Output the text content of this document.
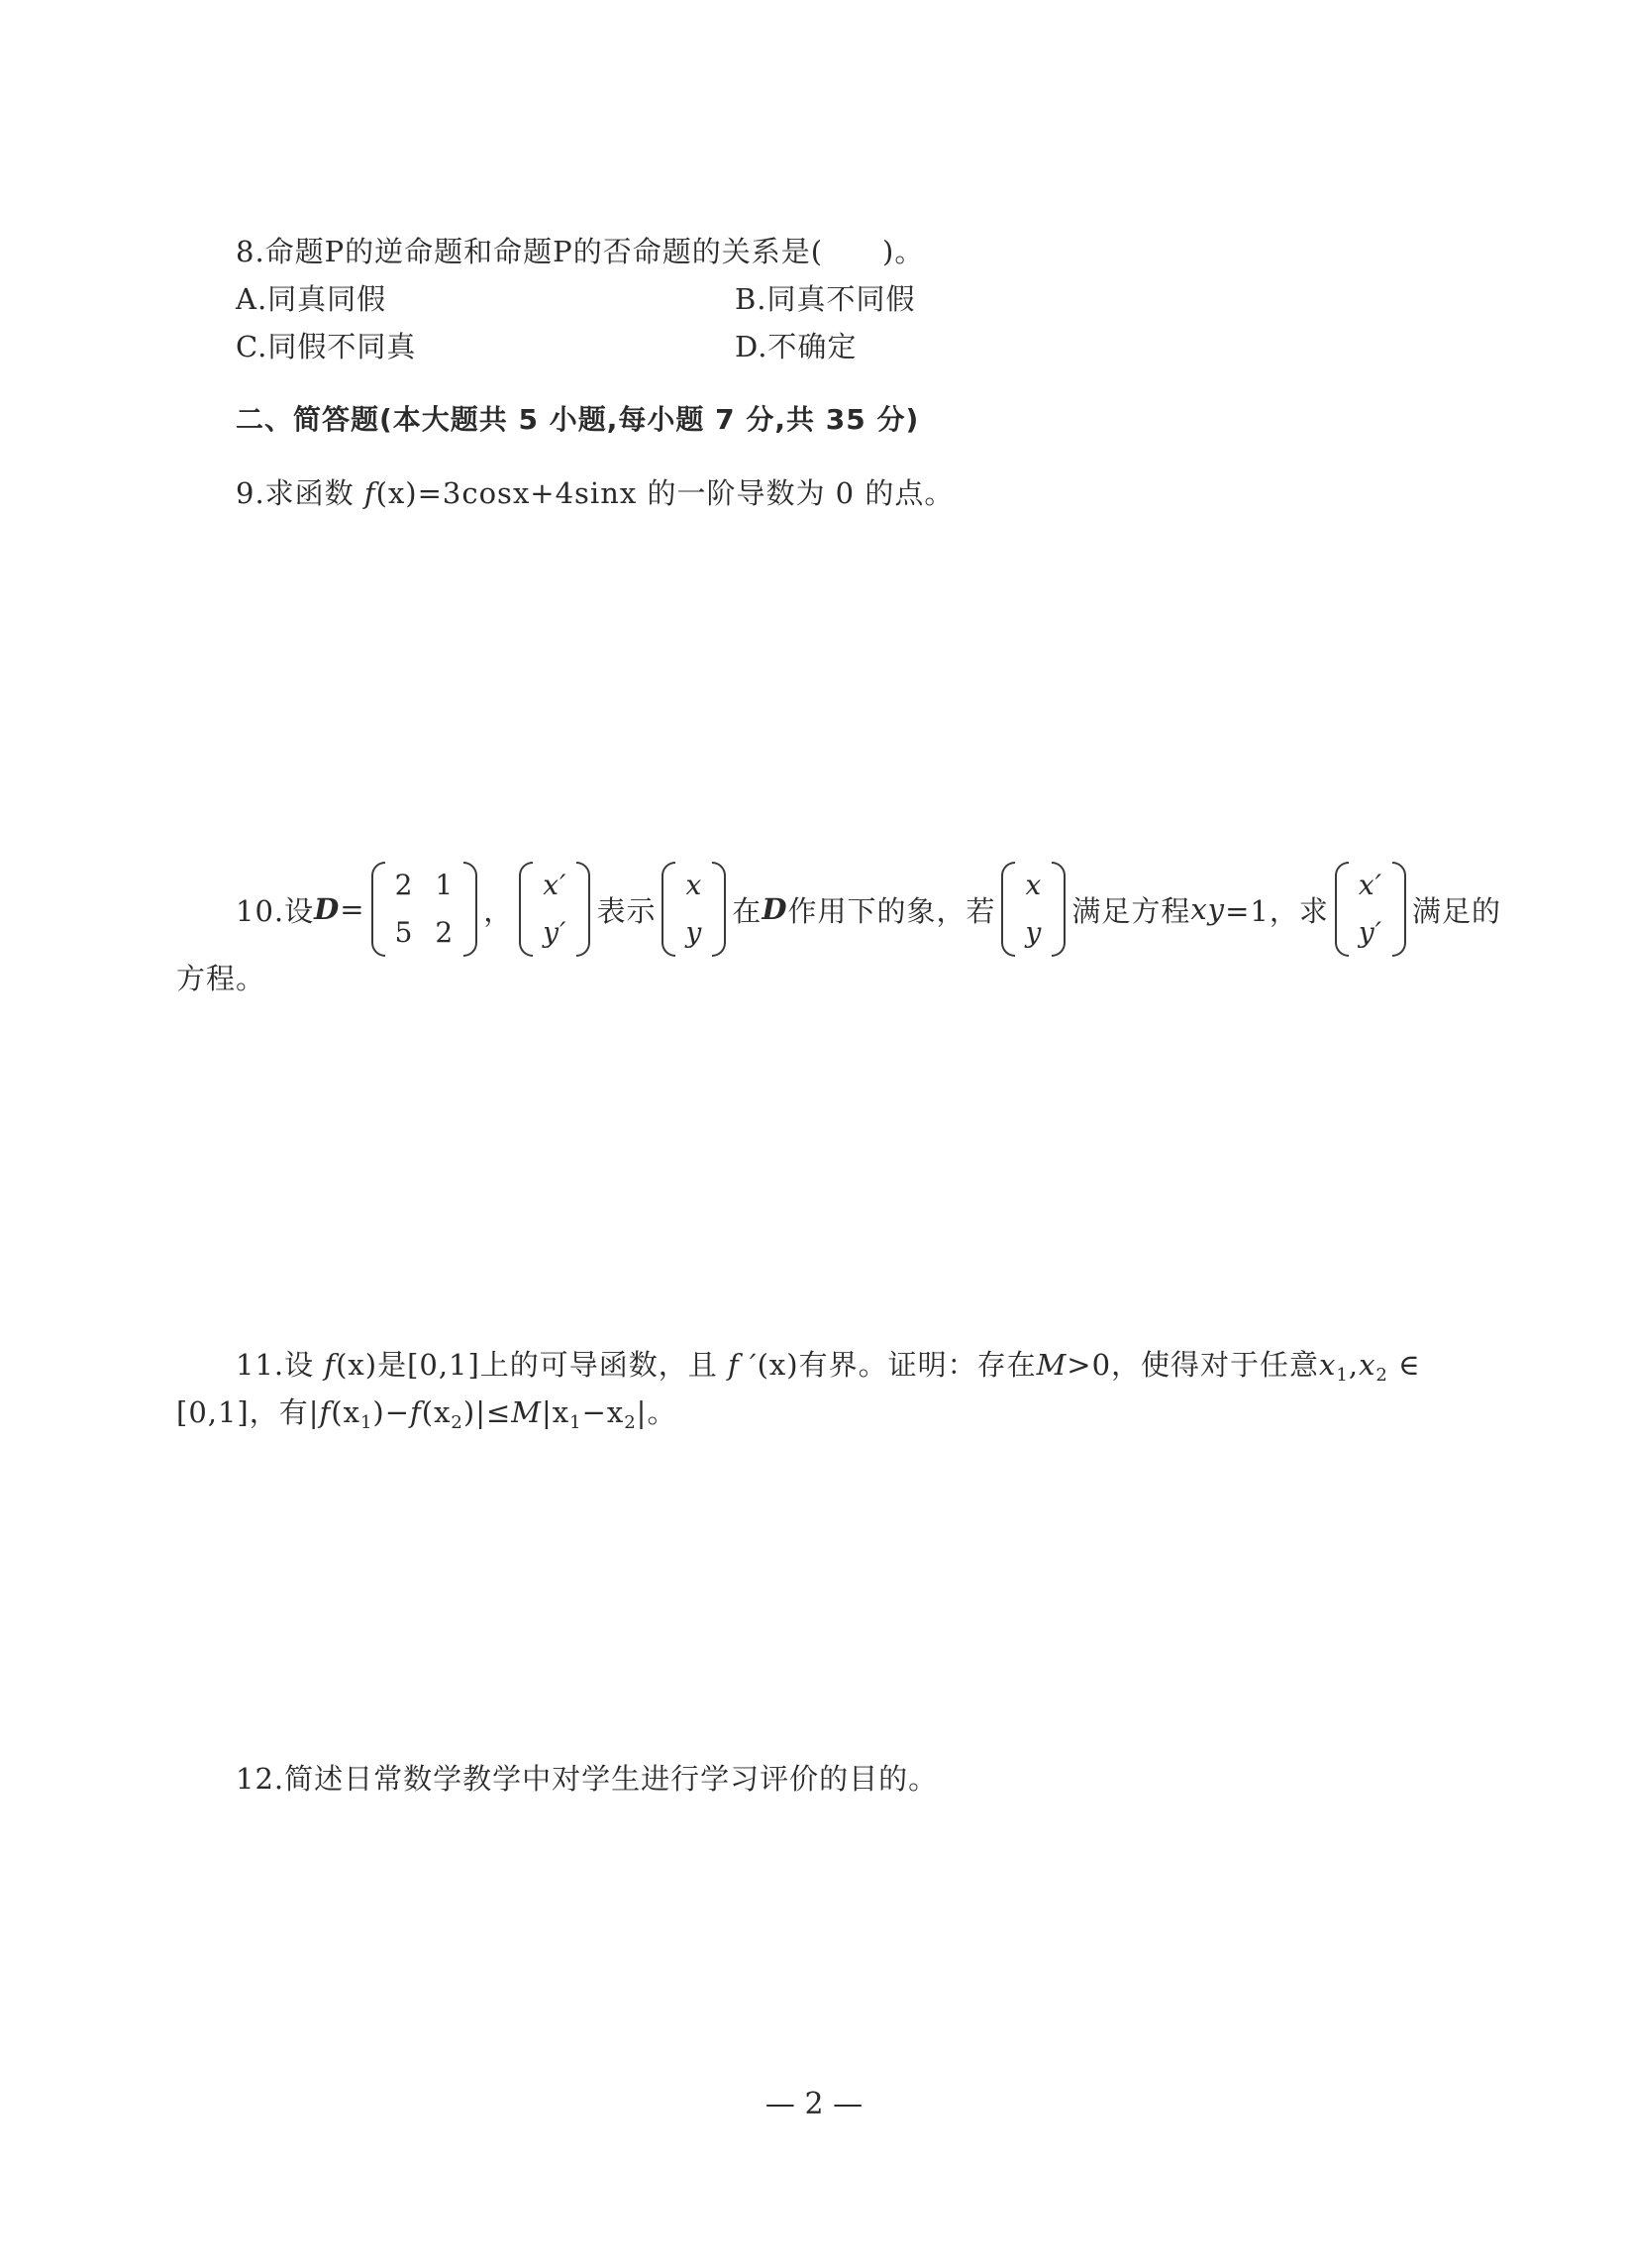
8.命题P的逆命题和命题P的否命题的关系是(　　)。
A.同真同假	B.同真不同假
C.同假不同真	D.不确定
二、简答题(本大题共 5 小题,每小题 7 分,共 35 分)
9.求函数 f(x)=3cosx+4sinx 的一阶导数为 0 的点。
10.设 D =
2
5
1
2
，
x′
y′
表示
x
y
在 D 作用下的象，若
x
y
满足方程 xy =1，求
x′
y′
满足的
方程。
11.设 f(x)是[0,1]上的可导函数，且 f ′(x)有界。证明：存在M>0，使得对于任意$x_1,x_2$ ∈
[0,1]，有$|f(x_1)-f(x_2)|\le M|x_1-x_2|$。
12.简述日常数学教学中对学生进行学习评价的目的。
— 2 —
